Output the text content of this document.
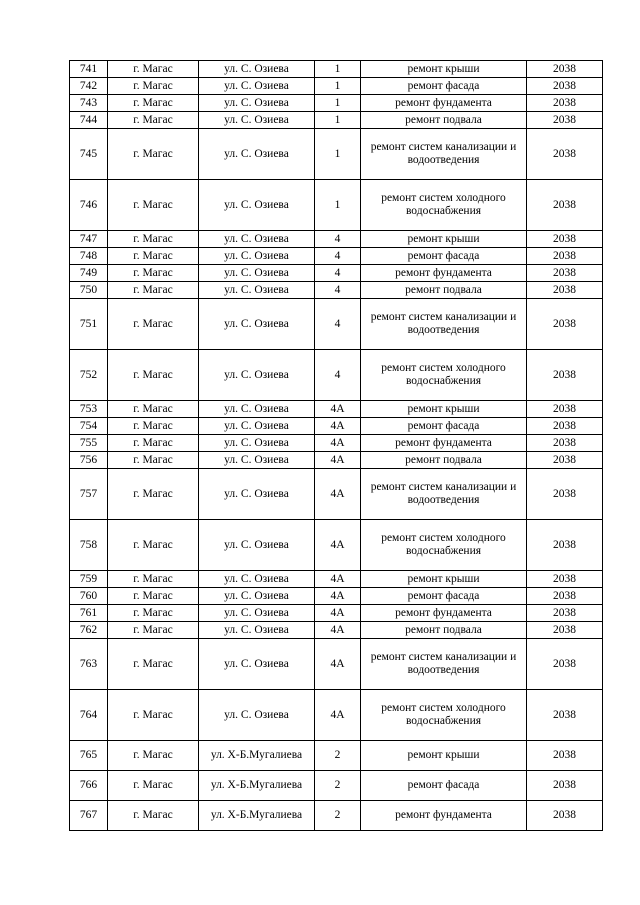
741	г. Магас	ул. С. Озиева	1	ремонт крыши	2038
742	г. Магас	ул. С. Озиева	1	ремонт фасада	2038
743	г. Магас	ул. С. Озиева	1	ремонт фундамента	2038
744	г. Магас	ул. С. Озиева	1	ремонт подвала	2038
745	г. Магас	ул. С. Озиева	1	ремонт систем канализации и водоотведения	2038
746	г. Магас	ул. С. Озиева	1	ремонт систем холодного водоснабжения	2038
747	г. Магас	ул. С. Озиева	4	ремонт крыши	2038
748	г. Магас	ул. С. Озиева	4	ремонт фасада	2038
749	г. Магас	ул. С. Озиева	4	ремонт фундамента	2038
750	г. Магас	ул. С. Озиева	4	ремонт подвала	2038
751	г. Магас	ул. С. Озиева	4	ремонт систем канализации и водоотведения	2038
752	г. Магас	ул. С. Озиева	4	ремонт систем холодного водоснабжения	2038
753	г. Магас	ул. С. Озиева	4А	ремонт крыши	2038
754	г. Магас	ул. С. Озиева	4А	ремонт фасада	2038
755	г. Магас	ул. С. Озиева	4А	ремонт фундамента	2038
756	г. Магас	ул. С. Озиева	4А	ремонт подвала	2038
757	г. Магас	ул. С. Озиева	4А	ремонт систем канализации и водоотведения	2038
758	г. Магас	ул. С. Озиева	4А	ремонт систем холодного водоснабжения	2038
759	г. Магас	ул. С. Озиева	4А	ремонт крыши	2038
760	г. Магас	ул. С. Озиева	4А	ремонт фасада	2038
761	г. Магас	ул. С. Озиева	4А	ремонт фундамента	2038
762	г. Магас	ул. С. Озиева	4А	ремонт подвала	2038
763	г. Магас	ул. С. Озиева	4А	ремонт систем канализации и водоотведения	2038
764	г. Магас	ул. С. Озиева	4А	ремонт систем холодного водоснабжения	2038
765	г. Магас	ул. Х-Б.Мугалиева	2	ремонт крыши	2038
766	г. Магас	ул. Х-Б.Мугалиева	2	ремонт фасада	2038
767	г. Магас	ул. Х-Б.Мугалиева	2	ремонт фундамента	2038
